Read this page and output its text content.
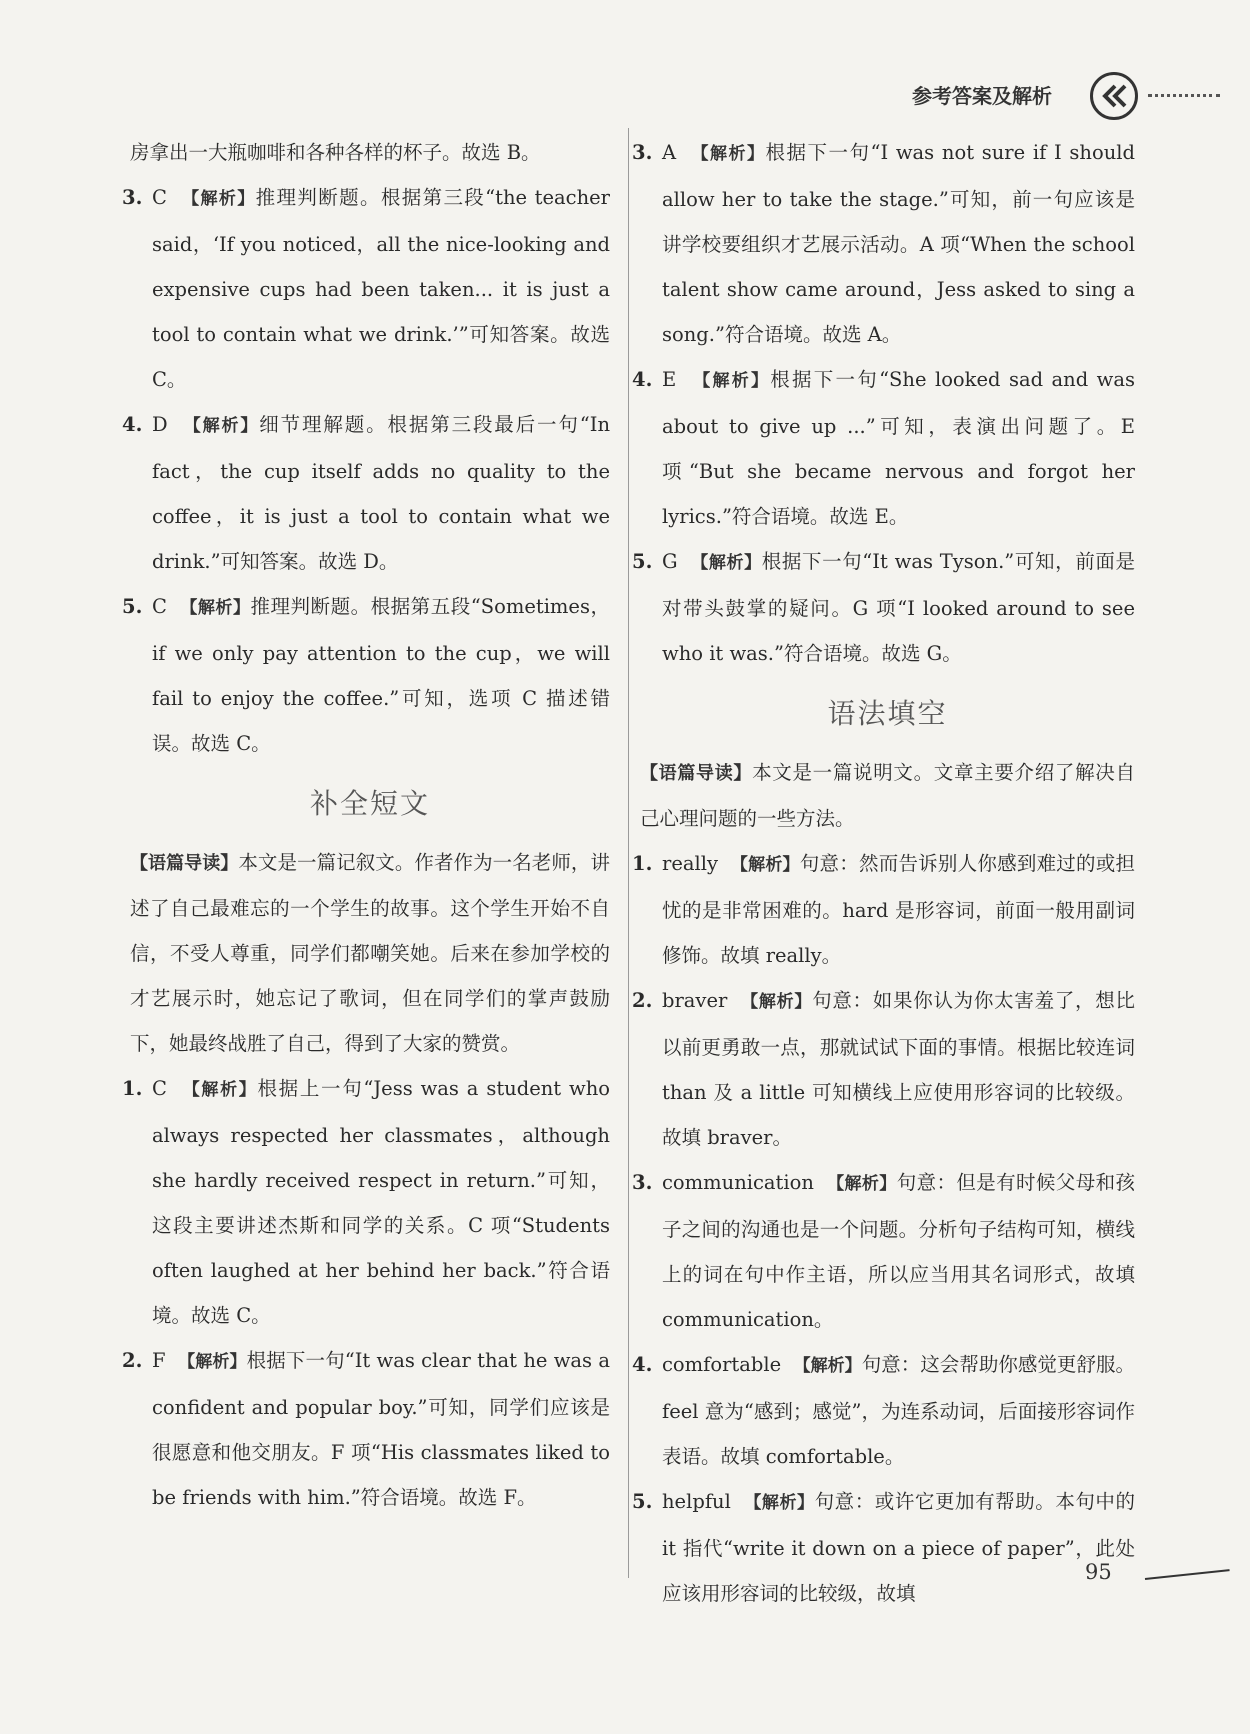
参考答案及解析

房拿出一大瓶咖啡和各种各样的杯子。故选 B。

3. C 【解析】推理判断题。根据第三段“the teacher said，‘If you noticed，all the nice-looking and expensive cups had been taken... it is just a tool to contain what we drink.’”可知答案。故选 C。

4. D 【解析】细节理解题。根据第三段最后一句“In fact，the cup itself adds no quality to the coffee，it is just a tool to contain what we drink.”可知答案。故选 D。

5. C 【解析】推理判断题。根据第五段“Sometimes，if we only pay attention to the cup，we will fail to enjoy the coffee.”可知，选项 C 描述错误。故选 C。

补全短文

【语篇导读】本文是一篇记叙文。作者作为一名老师，讲述了自己最难忘的一个学生的故事。这个学生开始不自信，不受人尊重，同学们都嘲笑她。后来在参加学校的才艺展示时，她忘记了歌词，但在同学们的掌声鼓励下，她最终战胜了自己，得到了大家的赞赏。

1. C 【解析】根据上一句“Jess was a student who always respected her classmates，although she hardly received respect in return.”可知，这段主要讲述杰斯和同学的关系。C 项“Students often laughed at her behind her back.”符合语境。故选 C。

2. F 【解析】根据下一句“It was clear that he was a confident and popular boy.”可知，同学们应该是很愿意和他交朋友。F 项“His classmates liked to be friends with him.”符合语境。故选 F。

3. A 【解析】根据下一句“I was not sure if I should allow her to take the stage.”可知，前一句应该是讲学校要组织才艺展示活动。A 项“When the school talent show came around，Jess asked to sing a song.”符合语境。故选 A。

4. E 【解析】根据下一句“She looked sad and was about to give up ...”可知，表演出问题了。E 项“But she became nervous and forgot her lyrics.”符合语境。故选 E。

5. G 【解析】根据下一句“It was Tyson.”可知，前面是对带头鼓掌的疑问。G 项“I looked around to see who it was.”符合语境。故选 G。

语法填空

【语篇导读】本文是一篇说明文。文章主要介绍了解决自己心理问题的一些方法。

1. really 【解析】句意：然而告诉别人你感到难过的或担忧的是非常困难的。hard 是形容词，前面一般用副词修饰。故填 really。

2. braver 【解析】句意：如果你认为你太害羞了，想比以前更勇敢一点，那就试试下面的事情。根据比较连词 than 及 a little 可知横线上应使用形容词的比较级。故填 braver。

3. communication 【解析】句意：但是有时候父母和孩子之间的沟通也是一个问题。分析句子结构可知，横线上的词在句中作主语，所以应当用其名词形式，故填 communication。

4. comfortable 【解析】句意：这会帮助你感觉更舒服。feel 意为“感到；感觉”，为连系动词，后面接形容词作表语。故填 comfortable。

5. helpful 【解析】句意：或许它更加有帮助。本句中的 it 指代“write it down on a piece of paper”，此处应该用形容词的比较级，故填

95
